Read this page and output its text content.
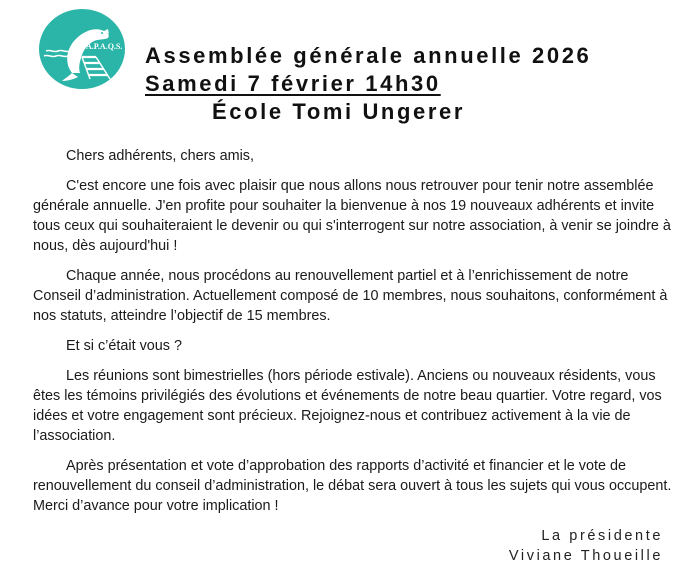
A.P.A.Q.S. Assemblée générale annuelle 2026
Samedi 7 février 14h30
École Tomi Ungerer

Chers adhérents, chers amis,

C'est encore une fois avec plaisir que nous allons nous retrouver pour tenir notre assemblée générale annuelle. J'en profite pour souhaiter la bienvenue à nos 19 nouveaux adhérents et invite tous ceux qui souhaiteraient le devenir ou qui s'interrogent sur notre association, à venir se joindre à nous, dès aujourd'hui !

Chaque année, nous procédons au renouvellement partiel et à l’enrichissement de notre Conseil d’administration. Actuellement composé de 10 membres, nous souhaitons, conformément à nos statuts, atteindre l’objectif de 15 membres.

Et si c’était vous ?

Les réunions sont bimestrielles (hors période estivale). Anciens ou nouveaux résidents, vous êtes les témoins privilégiés des évolutions et événements de notre beau quartier. Votre regard, vos idées et votre engagement sont précieux. Rejoignez-nous et contribuez activement à la vie de l’association.

Après présentation et vote d’approbation des rapports d’activité et financier et le vote de renouvellement du conseil d’administration, le débat sera ouvert à tous les sujets qui vous occupent. Merci d’avance pour votre implication !

La présidente
Viviane Thoueille
